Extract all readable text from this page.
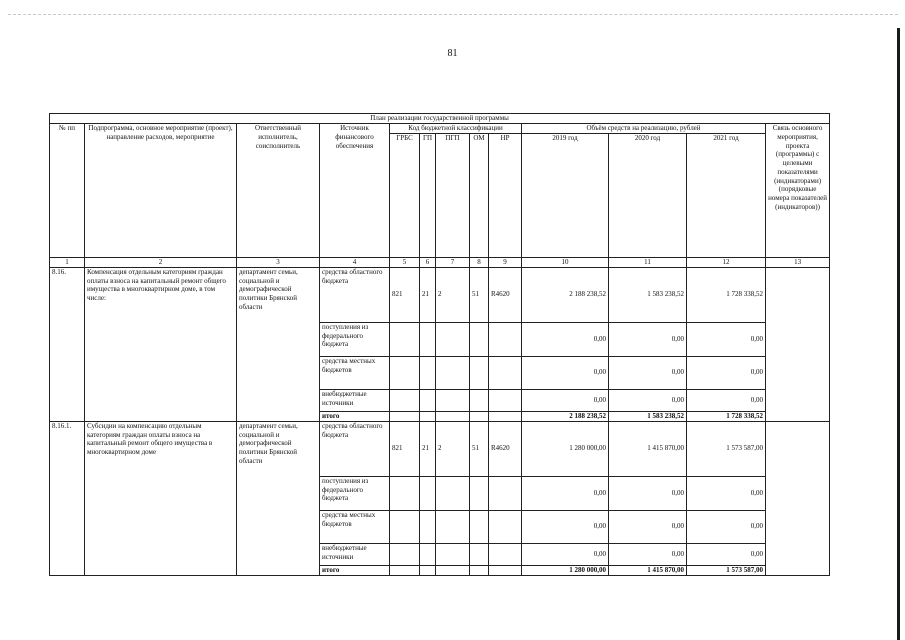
81
План реализации государственной программы												
№ пп	Подпрограмма, основное мероприятие (проект), направление расходов, мероприятие	Ответственный исполнитель, соисполнитель	Источник финансового обеспечения	Код бюджетной классификации					Объём средств на реализацию, рублей			Связь основного мероприятия, проекта (программы) с целевыми показателями (индикаторами) (порядковые номера показателей (индикаторов))
				ГРБС	ГП	ПГП	ОМ	НР	2019 год	2020 год	2021 год	
1	2	3	4	5	6	7	8	9	10	11	12	13
8.16.	Компенсация отдельным категориям граждан оплаты взноса на капитальный ремонт общего имущества в многоквартирном доме, в том числе:	департамент семьи, социальной и демографической политики Брянской области	средства областного бюджета	821	21	2	51	R4620	2 188 238,52	1 583 238,52	1 728 338,52	
			поступления из федерального бюджета						0,00	0,00	0,00	
			средства местных бюджетов						0,00	0,00	0,00	
			внебюджетные источники						0,00	0,00	0,00	
			итого						2 188 238,52	1 583 238,52	1 728 338,52	
8.16.1.	Субсидии на компенсацию отдельным категориям граждан оплаты взноса на капитальный ремонт общего имущества в многоквартирном доме	департамент семьи, социальной и демографической политики Брянской области	средства областного бюджета	821	21	2	51	R4620	1 280 000,00	1 415 870,00	1 573 587,00	
			поступления из федерального бюджета						0,00	0,00	0,00	
			средства местных бюджетов						0,00	0,00	0,00	
			внебюджетные источники						0,00	0,00	0,00	
			итого						1 280 000,00	1 415 870,00	1 573 587,00	
